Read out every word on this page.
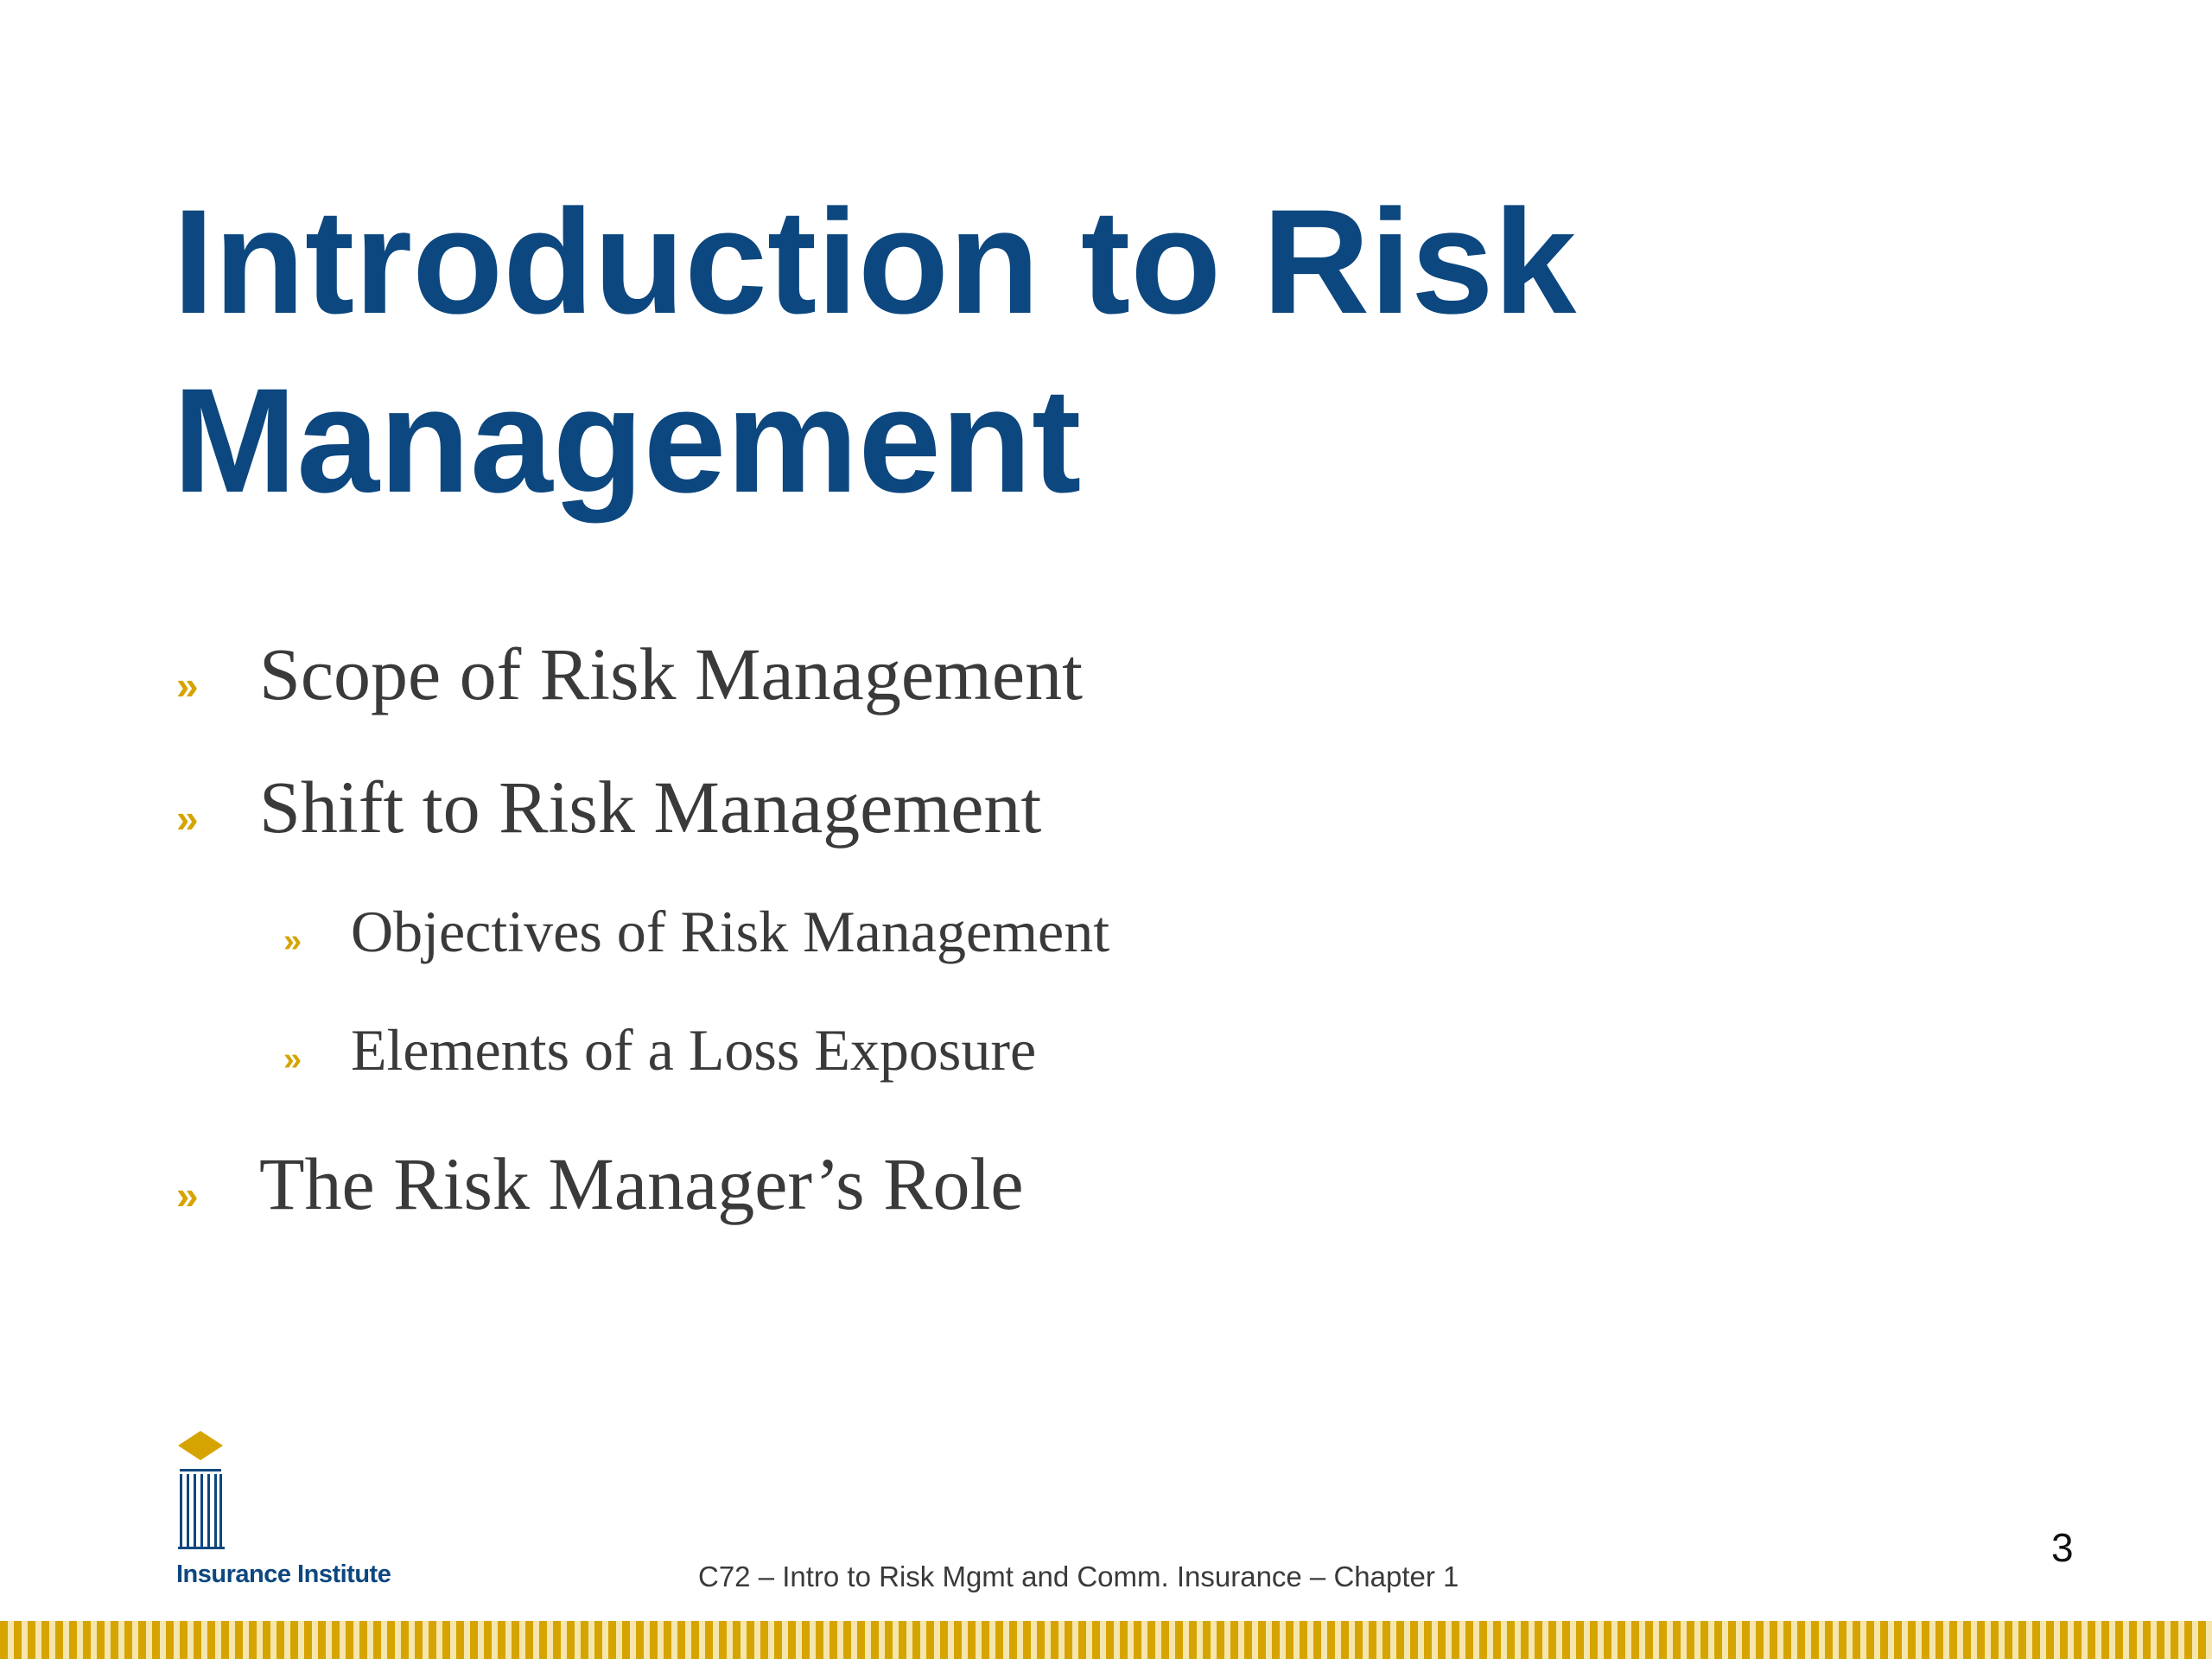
Introduction to Risk
Management
» Scope of Risk Management
» Shift to Risk Management
» Objectives of Risk Management
» Elements of a Loss Exposure
» The Risk Manager’s Role
Insurance Institute	C72 – Intro to Risk Mgmt and Comm. Insurance – Chapter 1
3
